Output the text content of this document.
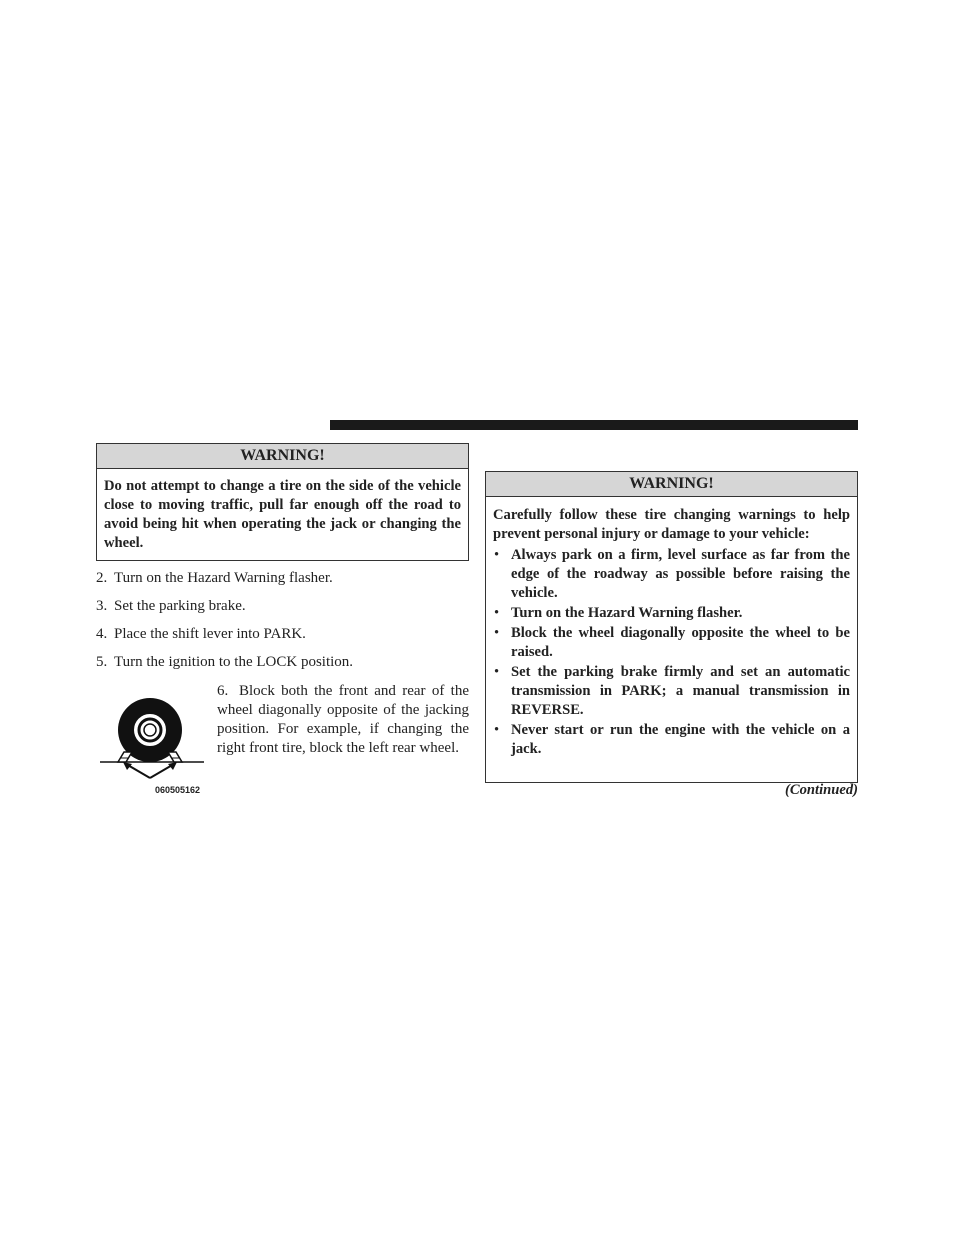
WARNING!
Do not attempt to change a tire on the side of the vehicle close to moving traffic, pull far enough off the road to avoid being hit when operating the jack or changing the wheel.
2. Turn on the Hazard Warning flasher.
3. Set the parking brake.
4. Place the shift lever into PARK.
5. Turn the ignition to the LOCK position.
060505162
6. Block both the front and rear of the wheel diagonally opposite of the jacking position. For example, if changing the right front tire, block the left rear wheel.
WARNING!
Carefully follow these tire changing warnings to help prevent personal injury or damage to your vehicle:
• Always park on a firm, level surface as far from the edge of the roadway as possible before raising the vehicle.
• Turn on the Hazard Warning flasher.
• Block the wheel diagonally opposite the wheel to be raised.
• Set the parking brake firmly and set an automatic transmission in PARK; a manual transmission in REVERSE.
• Never start or run the engine with the vehicle on a jack.
(Continued)
